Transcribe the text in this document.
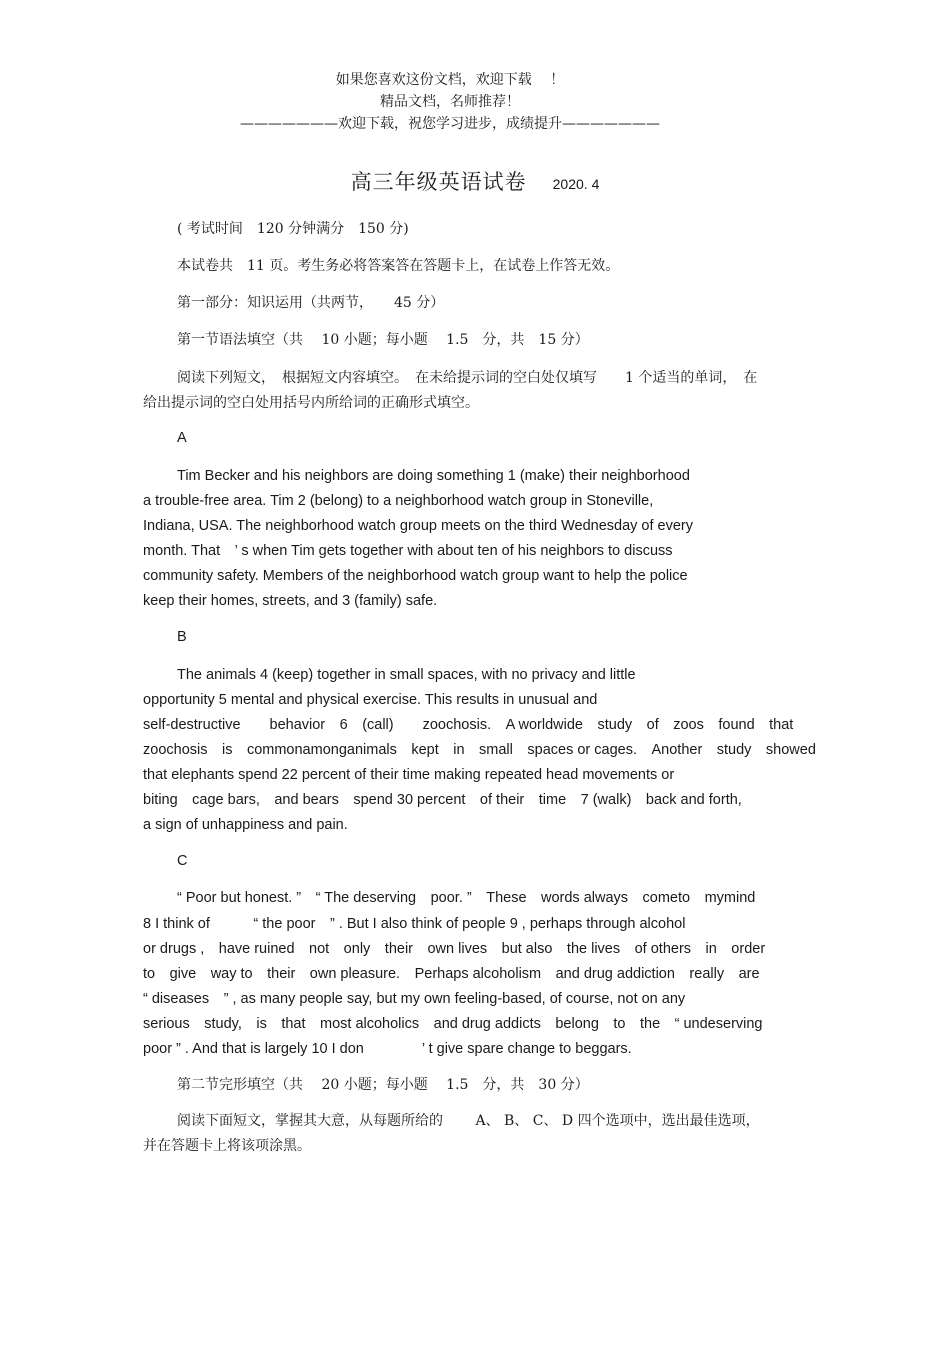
如果您喜欢这份文档，欢迎下载　 ！
精品文档，名师推荐！
———————欢迎下载，祝您学习进步，成绩提升———————
高三年级英语试卷 2020. 4
( 考试时间　120 分钟满分　150 分)
本试卷共　11 页。考生务必将答案答在答题卡上，在试卷上作答无效。
第一部分：知识运用（共两节，　　45 分）
第一节语法填空（共　 10 小题；每小题　 1.5　分，共　15 分）
阅读下列短文，　根据短文内容填空。　在未给提示词的空白处仅填写　　1 个适当的单词，　在
给出提示词的空白处用括号内所给词的正确形式填空。
A
Tim Becker and his neighbors are doing something 1 (make) their neighborhood
a trouble-free area. Tim 2 (belong) to a neighborhood watch group in Stoneville,
Indiana, USA. The neighborhood watch group meets on the third Wednesday of every
month. That　’ s when Tim gets together with about ten of his neighbors to discuss
community safety. Members of the neighborhood watch group want to help the police
keep their homes, streets, and 3 (family) safe.
B
The animals 4 (keep) together in small spaces, with no privacy and little
opportunity 5 mental and physical exercise. This results in unusual and
self-destructive　　behavior　6　(call)　　zoochosis.　A worldwide　study　of　zoos　found　that
zoochosis　is　commonamonganimals　kept　in　small　spaces or cages.　Another　study　showed
that elephants spend 22 percent of their time making repeated head movements or
biting　cage bars,　and bears　spend 30 percent　of their　time　7 (walk)　back and forth,
a sign of unhappiness and pain.
C
“ Poor but honest. ”　“ The deserving　poor. ”　These　words always　cometo　mymind
8 I think of　　　“ the poor　” . But I also think of people 9 , perhaps through alcohol
or drugs ,　have ruined　not　only　their　own lives　but also　the lives　of others　in　order
to　give　way to　their　own pleasure.　Perhaps alcoholism　and drug addiction　really　are
“ diseases　” , as many people say, but my own feeling-based, of course, not on any
serious　study,　is　that　most alcoholics　and drug addicts　belong　to　the　“ undeserving
poor ” . And that is largely 10 I don　　　　’ t give spare change to beggars.
第二节完形填空（共　 20 小题；每小题　 1.5　分，共　30 分）
阅读下面短文，掌握其大意，从每题所给的　　 A、 B、 C、 D 四个选项中，选出最佳选项，
并在答题卡上将该项涂黑。
